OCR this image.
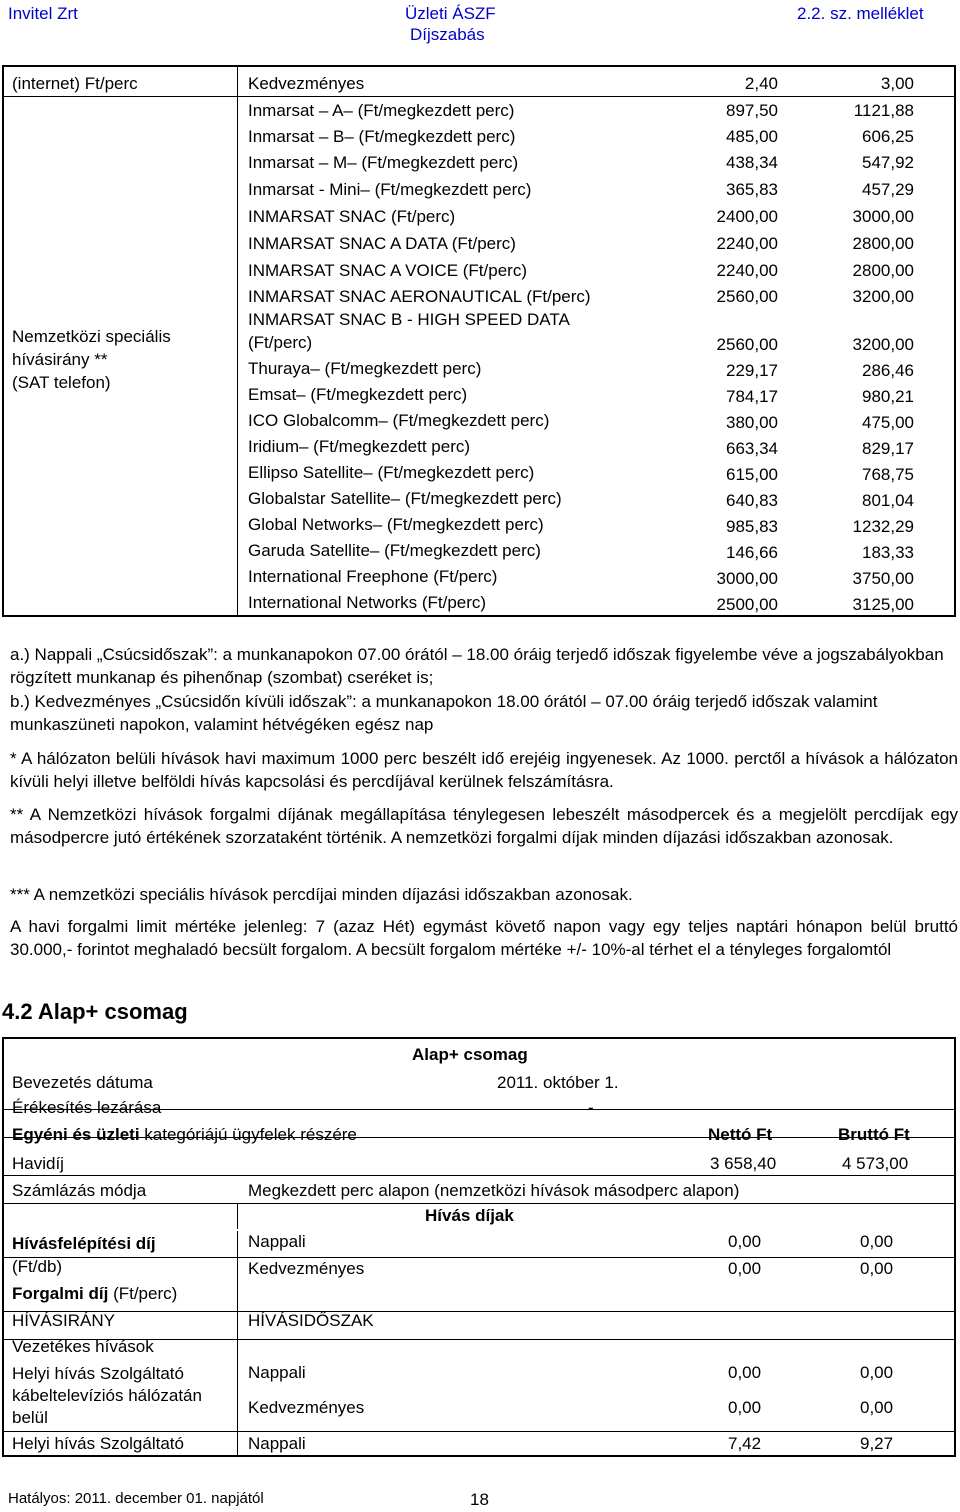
Invitel Zrt	Üzleti ÁSZF
Díjszabás
2.2. sz. melléklet
(internet) Ft/perc	Kedvezményes	2,40	3,00
Nemzetközi speciális
hívásirány **
(SAT telefon)
Inmarsat – A– (Ft/megkezdett perc)	897,50	1121,88
Inmarsat – B– (Ft/megkezdett perc)	485,00	606,25
Inmarsat – M– (Ft/megkezdett perc)	438,34	547,92
Inmarsat - Mini– (Ft/megkezdett perc)	365,83	457,29
INMARSAT SNAC (Ft/perc)	2400,00	3000,00
INMARSAT SNAC A DATA (Ft/perc)	2240,00	2800,00
INMARSAT SNAC A VOICE (Ft/perc)	2240,00	2800,00
INMARSAT SNAC AERONAUTICAL (Ft/perc)	2560,00	3200,00
INMARSAT SNAC B - HIGH SPEED DATA
(Ft/perc)	2560,00	3200,00
Thuraya– (Ft/megkezdett perc)	229,17	286,46
Emsat– (Ft/megkezdett perc)	784,17	980,21
ICO Globalcomm– (Ft/megkezdett perc)	380,00	475,00
Iridium– (Ft/megkezdett perc)	663,34	829,17
Ellipso Satellite– (Ft/megkezdett perc)	615,00	768,75
Globalstar Satellite– (Ft/megkezdett perc)	640,83	801,04
Global Networks– (Ft/megkezdett perc)	985,83	1232,29
Garuda Satellite– (Ft/megkezdett perc)	146,66	183,33
International Freephone (Ft/perc)	3000,00	3750,00
International Networks (Ft/perc)	2500,00	3125,00

a.) Nappali „Csúcsidőszak”: a munkanapokon 07.00 órától – 18.00 óráig terjedő időszak figyelembe véve a jogszabályokban rögzített munkanap és pihenőnap (szombat) cseréket is;

b.) Kedvezményes „Csúcsidőn kívüli időszak”: a munkanapokon 18.00 órától – 07.00 óráig terjedő időszak valamint munkaszüneti napokon, valamint hétvégéken egész nap

* A hálózaton belüli hívások havi maximum 1000 perc beszélt idő erejéig ingyenesek. Az 1000. perctől a hívások a hálózaton kívüli helyi illetve belföldi hívás kapcsolási és percdíjával kerülnek felszámításra.

** A Nemzetközi hívások forgalmi díjának megállapítása ténylegesen lebeszélt másodpercek és a megjelölt percdíjak egy másodpercre jutó értékének szorzataként történik. A nemzetközi forgalmi díjak minden díjazási időszakban azonosak.

*** A nemzetközi speciális hívások percdíjai minden díjazási időszakban azonosak.

A havi forgalmi limit mértéke jelenleg: 7 (azaz Hét) egymást követő napon vagy egy teljes naptári hónapon belül bruttó 30.000,- forintot meghaladó becsült forgalom. A becsült forgalom mértéke +/- 10%-al térhet el a tényleges forgalomtól

4.2 Alap+ csomag
Alap+ csomag
Bevezetés dátuma	2011. október 1.
Érékesítés lezárása	-
Egyéni és üzleti kategóriájú ügyfelek részére	Nettó Ft	Bruttó Ft
Havidíj	3 658,40	4 573,00
Számlázás módja	Megkezdett perc alapon (nemzetközi hívások másodperc alapon)
Hívás díjak
Hívásfelépítési díj
(Ft/db)
Nappali	0,00	0,00
Kedvezményes	0,00	0,00
Forgalmi díj (Ft/perc)
HÍVÁSIRÁNY	HÍVÁSIDŐSZAK
Vezetékes hívások
Helyi hívás Szolgáltató
kábeltelevíziós hálózatán
belül
Nappali	0,00	0,00
Kedvezményes	0,00	0,00
Helyi hívás Szolgáltató	Nappali	7,42	9,27
Hatályos: 2011. december 01. napjától	18
